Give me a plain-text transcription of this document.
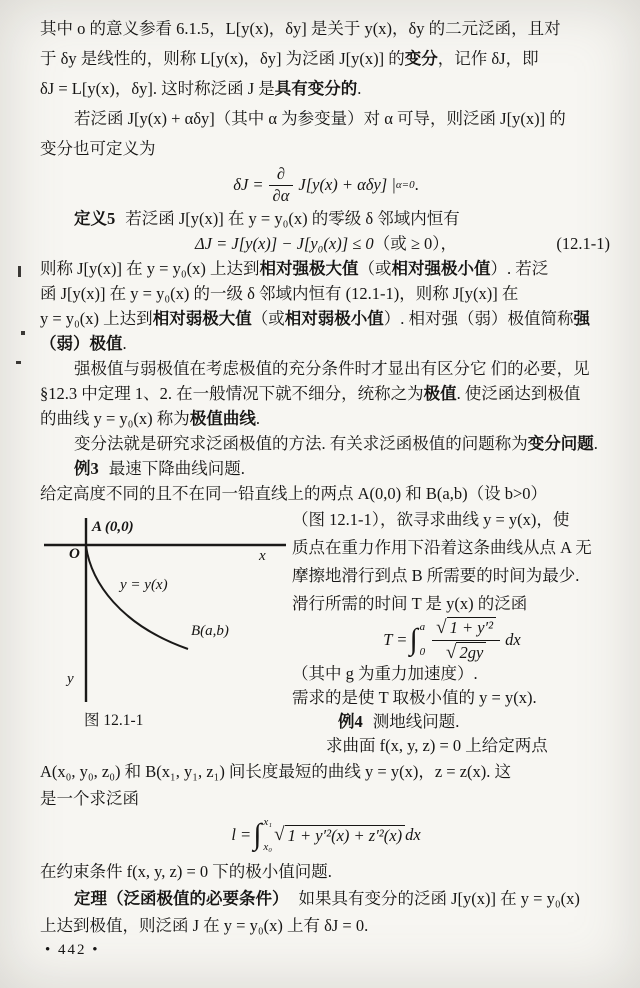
其中 o 的意义参看 6.1.5，L[y(x)，δy] 是关于 y(x)，δy 的二元泛函，且对
于 δy 是线性的，则称 L[y(x)，δy] 为泛函 J[y(x)] 的变分，记作 δJ，即
δJ = L[y(x)，δy]. 这时称泛函 J 是具有变分的.
若泛函 J[y(x) + αδy]（其中 α 为参变量）对 α 可导，则泛函 J[y(x)] 的
变分也可定义为
$\delta J = \frac{\partial}{\partial\alpha} J[y(x) + \alpha\delta y]$ | α=0 .
定义5 若泛函 J[y(x)] 在 y = y₀(x) 的零级 δ 邻域内恒有
ΔJ = J[y(x)] − J[y₀(x)] ≤ 0（或 ≥ 0），	(12.1-1)
则称 J[y(x)] 在 y = y₀(x) 上达到相对强极大值（或相对强极小值）. 若泛
函 J[y(x)] 在 y = y₀(x) 的一级 δ 邻域内恒有 (12.1-1)，则称 J[y(x)] 在
y = y₀(x) 上达到相对弱极大值（或相对弱极小值）. 相对强（弱）极值简称强
（弱）极值.
强极值与弱极值在考虑极值的充分条件时才显出有区分它 们的必要，见
§12.3 中定理 1、2. 在一般情况下就不细分，统称之为极值. 使泛函达到极值
的曲线 y = y₀(x) 称为极值曲线.
变分法就是研究求泛函极值的方法. 有关求泛函极值的问题称为变分问题.
例3 最速下降曲线问题.
给定高度不同的且不在同一铅直线上的两点 A(0,0) 和 B(a,b)（设 b>0）
A (0,0)
O	x
y = y(x)
B(a,b)
y
图 12.1-1
（图 12.1-1），欲寻求曲线 y = y(x)，使
质点在重力作用下沿着这条曲线从点 A 无
摩擦地滑行到点 B 所需要的时间为最少.
滑行所需的时间 T 是 y(x) 的泛函
T = ∫ a
$0 \frac{\text{√ 1 + y′²}}{√ 2gy}$ dx
（其中 g 为重力加速度）.
需求的是使 T 取极小值的 y = y(x).
例4 测地线问题.
求曲面 f(x, y, z) = 0 上给定两点
A(x₀, y₀, z₀) 和 B(x₁, y₁, z₁) 间长度最短的曲线 y = y(x)，z = z(x). 这
是一个求泛函
l = ∫ x₁
x₀
√ 1 + y′²(x) + z′²(x) dx
在约束条件 f(x, y, z) = 0 下的极小值问题.
定理（泛函极值的必要条件） 如果具有变分的泛函 J[y(x)] 在 y = y₀(x)
上达到极值，则泛函 J 在 y = y₀(x) 上有 δJ = 0.
• 442 •
